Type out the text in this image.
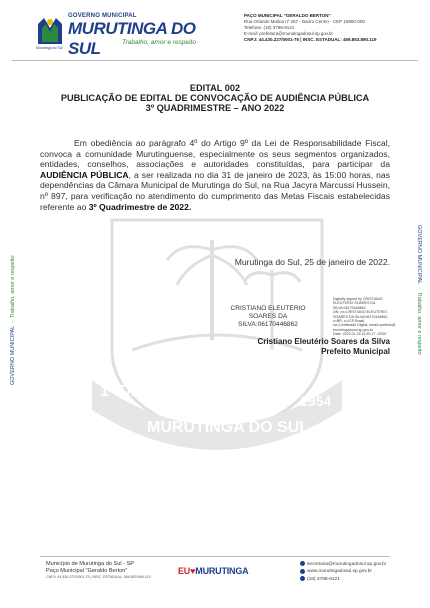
GOVERNO MUNICIPAL
MURUTINGA DO SUL	Trabalho, amor e respeito
Murutinga do Sul
PAÇO MUNICIPAL "GERALDO BERTON"
Rua Orlando Molina nº 267 - Bairro Centro - CEP 16950-000
Telefone: (18) 3788-9121
E-mail: prefeitura@murutingadosul.sp.gov.br
CNPJ: 44.430.227/0001-75 | INSC. ESTADUAL: 469.853.890.119
GOVERNO MUNICIPAL  ·  Trabalho, amor e respeito
GOVERNO MUNICIPAL  ·  Trabalho, amor e respeito
1º DE MAIO
MURUTINGA DO SUL
1954
EDITAL 002
PUBLICAÇÃO DE EDITAL DE CONVOCAÇÃO DE AUDIÊNCIA PÚBLICA
3º QUADRIMESTRE – ANO 2022
Em obediência ao parágrafo 4º do Artigo 9º da Lei de Responsabilidade Fiscal, convoca a comunidade Murutinguense, especialmente os seus segmentos organizados, entidades, conselhos, associações e autoridades constituídas, para participar da AUDIÊNCIA PÚBLICA, a ser realizada no dia 31 de janeiro de 2023, às 15:00 horas, nas dependências da Câmara Municipal de Murutinga do Sul, na Rua Jacyra Marcussi Hussein, nº 897, para verificação no atendimento do cumprimento das Metas Fiscais estabelecidas referente ao 3º Quadrimestre de 2022.
Murutinga do Sul, 25 de janeiro de 2022.
CRISTIANO ELEUTERIO
SOARES DA
SILVA:06170446862
Digitally signed by CRISTIANO
ELEUTERIO SOARES DA
SILVA:06170446862
DN: cn=CRISTIANO ELEUTERIO
SOARES DA SILVA:06170446862,
c=BR, o=ICP-Brasil,
ou=Certificado Digital, email=prefeito@
murutingadosul.sp.gov.br
Date: 2022.01.25 11:30:17 -03'00'
Cristiano Eleutério Soares da Silva
Prefeito Municipal
Município de Murutinga do Sul - SP
Paço Municipal "Geraldo Berton"
CNPJ: 44.430.227/0001-75 | INSC. ESTADUAL: 469.853.890.119
EU♥MURUTINGA
secretaria@murutingadosul.sp.gov.br
www.murutingadosul.sp.gov.br
(18) 3788-9121
